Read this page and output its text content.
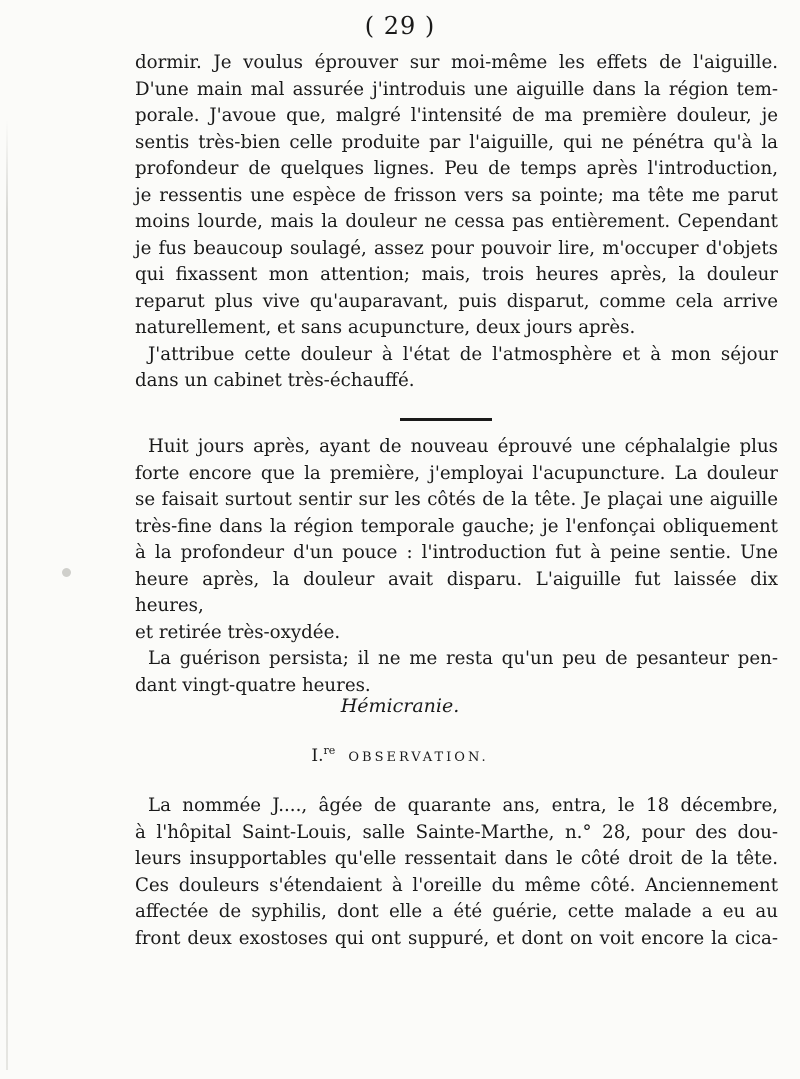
( 29 )

dormir. Je voulus éprouver sur moi-même les effets de l'aiguille.
D'une main mal assurée j'introduis une aiguille dans la région tem-
porale. J'avoue que, malgré l'intensité de ma première douleur, je
sentis très-bien celle produite par l'aiguille, qui ne pénétra qu'à la
profondeur de quelques lignes. Peu de temps après l'introduction,
je ressentis une espèce de frisson vers sa pointe; ma tête me parut
moins lourde, mais la douleur ne cessa pas entièrement. Cependant
je fus beaucoup soulagé, assez pour pouvoir lire, m'occuper d'objets
qui fixassent mon attention; mais, trois heures après, la douleur
reparut plus vive qu'auparavant, puis disparut, comme cela arrive
naturellement, et sans acupuncture, deux jours après.

J'attribue cette douleur à l'état de l'atmosphère et à mon séjour
dans un cabinet très-échauffé.

Huit jours après, ayant de nouveau éprouvé une céphalalgie plus
forte encore que la première, j'employai l'acupuncture. La douleur
se faisait surtout sentir sur les côtés de la tête. Je plaçai une aiguille
très-fine dans la région temporale gauche; je l'enfonçai obliquement
à la profondeur d'un pouce : l'introduction fut à peine sentie. Une
heure après, la douleur avait disparu. L'aiguille fut laissée dix heures,
et retirée très-oxydée.

La guérison persista; il ne me resta qu'un peu de pesanteur pen-
dant vingt-quatre heures.

Hémicranie.
I.$^{re}$ OBSERVATION.

La nommée J...., âgée de quarante ans, entra, le 18 décembre,
à l'hôpital Saint-Louis, salle Sainte-Marthe, n.° 28, pour des dou-
leurs insupportables qu'elle ressentait dans le côté droit de la tête.
Ces douleurs s'étendaient à l'oreille du même côté. Anciennement
affectée de syphilis, dont elle a été guérie, cette malade a eu au
front deux exostoses qui ont suppuré, et dont on voit encore la cica-
